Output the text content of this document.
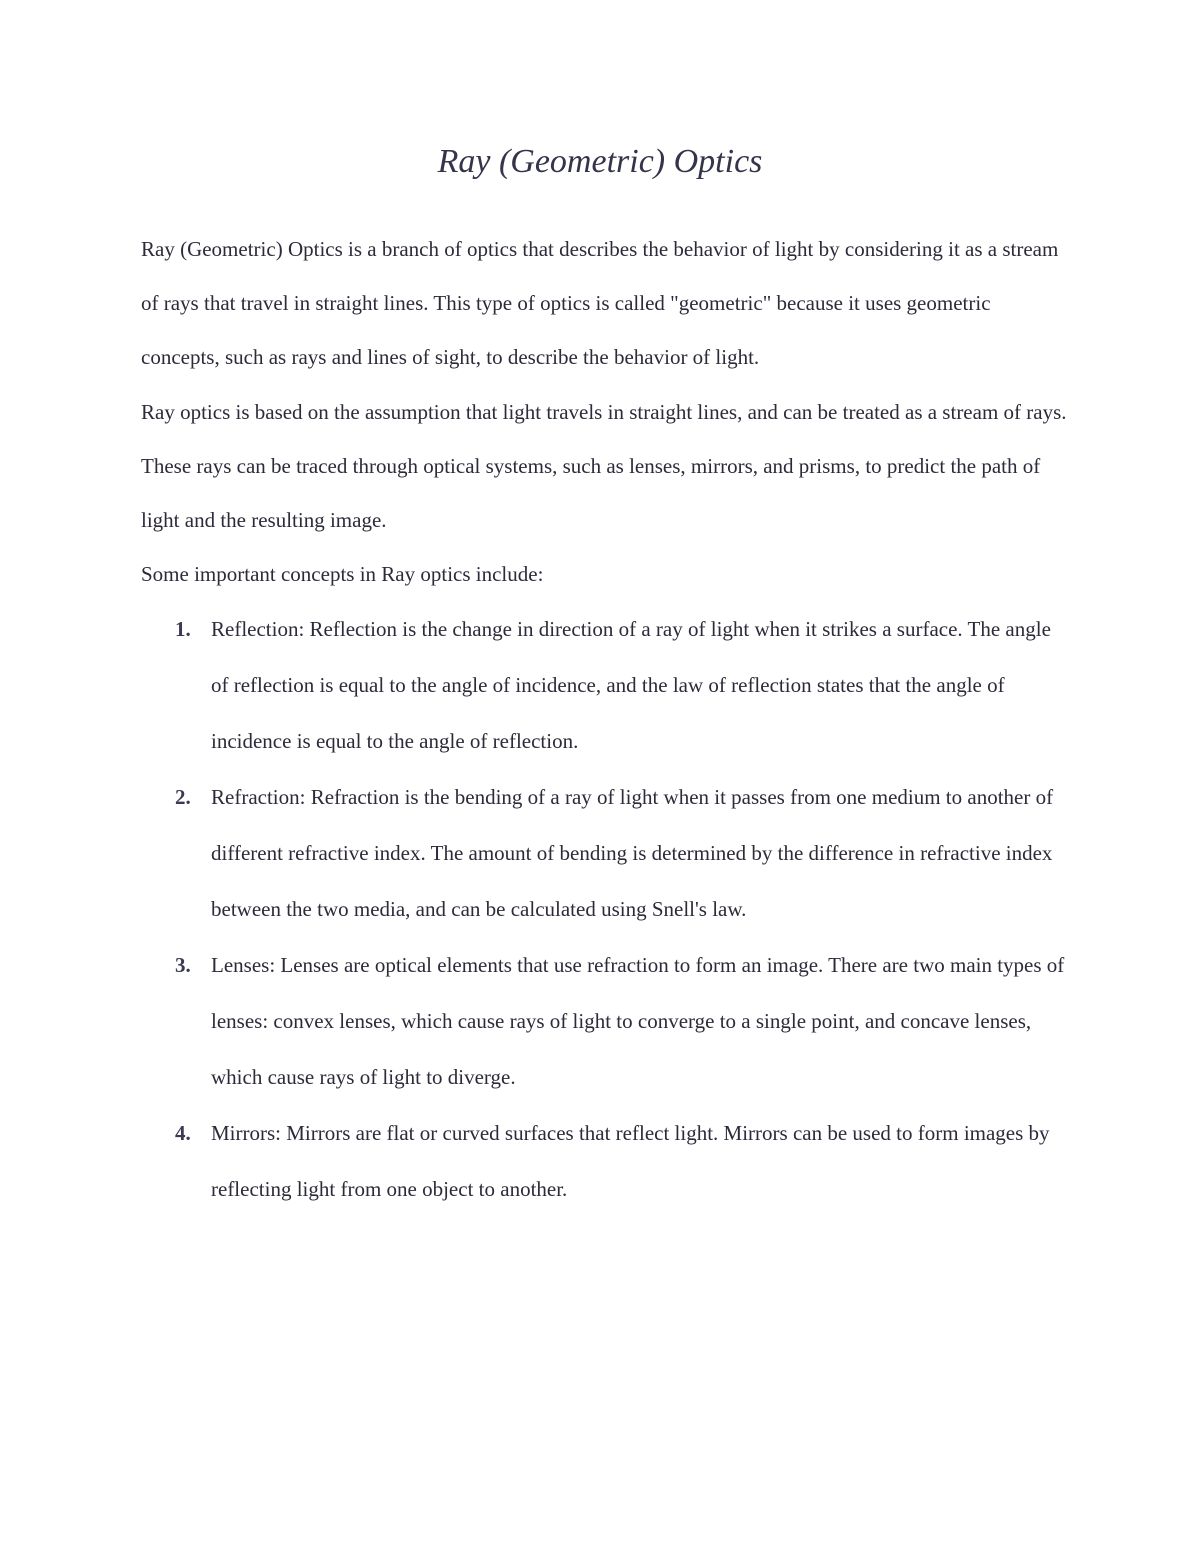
Ray (Geometric) Optics

Ray (Geometric) Optics is a branch of optics that describes the behavior of light by considering it as a stream of rays that travel in straight lines. This type of optics is called "geometric" because it uses geometric concepts, such as rays and lines of sight, to describe the behavior of light.

Ray optics is based on the assumption that light travels in straight lines, and can be treated as a stream of rays. These rays can be traced through optical systems, such as lenses, mirrors, and prisms, to predict the path of light and the resulting image.

Some important concepts in Ray optics include:

1. Reflection: Reflection is the change in direction of a ray of light when it strikes a surface. The angle of reflection is equal to the angle of incidence, and the law of reflection states that the angle of incidence is equal to the angle of reflection.
2. Refraction: Refraction is the bending of a ray of light when it passes from one medium to another of different refractive index. The amount of bending is determined by the difference in refractive index between the two media, and can be calculated using Snell's law.
3. Lenses: Lenses are optical elements that use refraction to form an image. There are two main types of lenses: convex lenses, which cause rays of light to converge to a single point, and concave lenses, which cause rays of light to diverge.
4. Mirrors: Mirrors are flat or curved surfaces that reflect light. Mirrors can be used to form images by reflecting light from one object to another.
